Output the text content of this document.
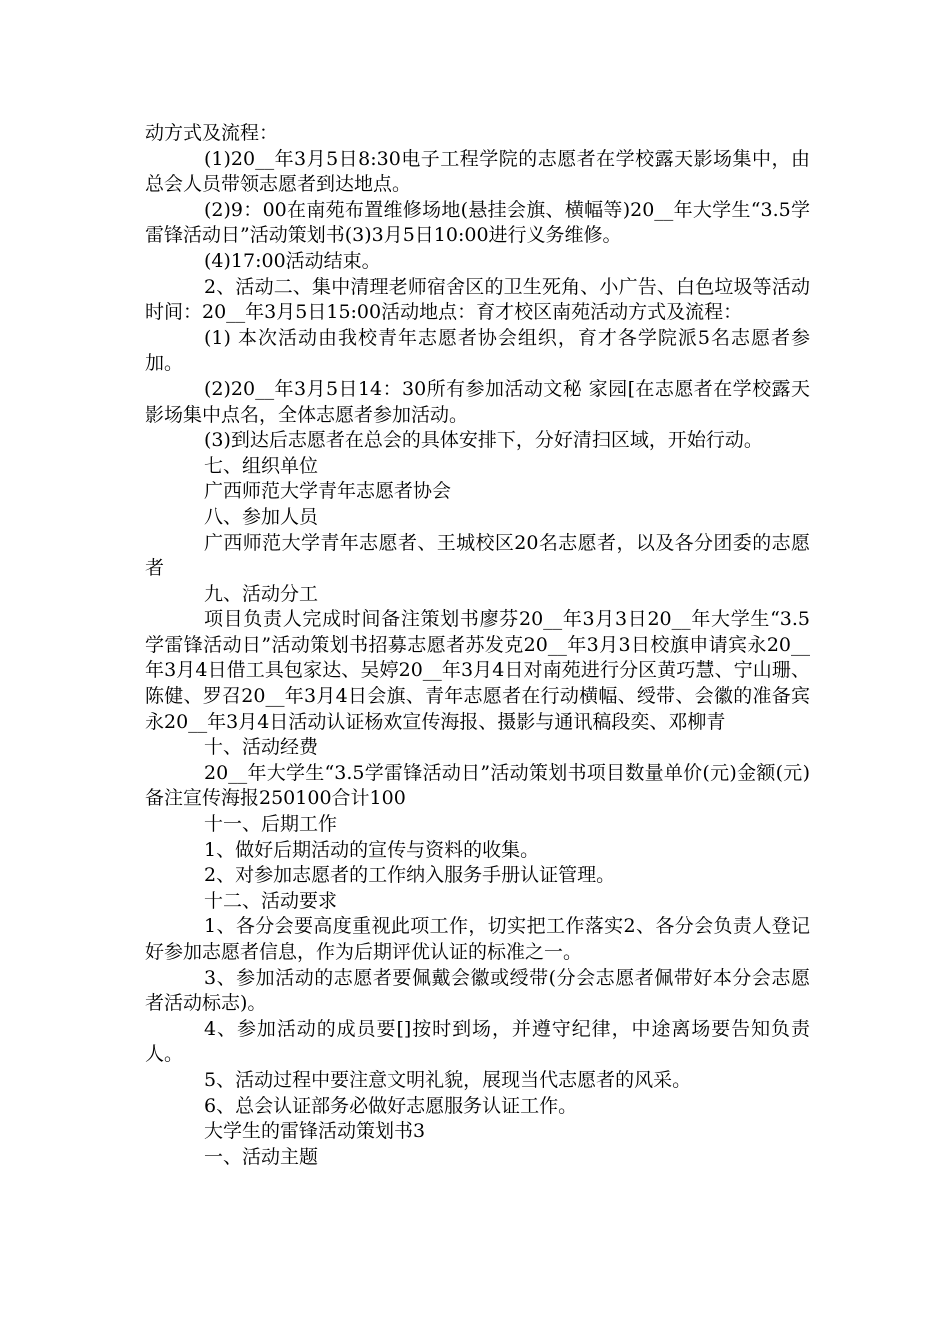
动方式及流程：

(1)20__年3月5日8:30电子工程学院的志愿者在学校露天影场集中，由总会人员带领志愿者到达地点。

(2)9：00在南苑布置维修场地(悬挂会旗、横幅等)20__年大学生“3.5学雷锋活动日”活动策划书(3)3月5日10:00进行义务维修。

(4)17:00活动结束。

2、活动二、集中清理老师宿舍区的卫生死角、小广告、白色垃圾等活动时间：20__年3月5日15:00活动地点：育才校区南苑活动方式及流程：

(1) 本次活动由我校青年志愿者协会组织，育才各学院派5名志愿者参加。

(2)20__年3月5日14：30所有参加活动文秘 家园[在志愿者在学校露天影场集中点名，全体志愿者参加活动。

(3)到达后志愿者在总会的具体安排下，分好清扫区域，开始行动。

七、组织单位

广西师范大学青年志愿者协会

八、参加人员

广西师范大学青年志愿者、王城校区20名志愿者，以及各分团委的志愿者

九、活动分工

项目负责人完成时间备注策划书廖芬20__年3月3日20__年大学生“3.5学雷锋活动日”活动策划书招募志愿者苏发克20__年3月3日校旗申请宾永20__年3月4日借工具包家达、吴婷20__年3月4日对南苑进行分区黄巧慧、宁山珊、陈健、罗召20__年3月4日会旗、青年志愿者在行动横幅、绶带、会徽的准备宾永20__年3月4日活动认证杨欢宣传海报、摄影与通讯稿段奕、邓柳青

十、活动经费

20__年大学生“3.5学雷锋活动日”活动策划书项目数量单价(元)金额(元)备注宣传海报250100合计100

十一、后期工作

1、做好后期活动的宣传与资料的收集。

2、对参加志愿者的工作纳入服务手册认证管理。

十二、活动要求

1、各分会要高度重视此项工作，切实把工作落实2、各分会负责人登记好参加志愿者信息，作为后期评优认证的标准之一。

3、参加活动的志愿者要佩戴会徽或绶带(分会志愿者佩带好本分会志愿者活动标志)。

4、参加活动的成员要[]按时到场，并遵守纪律，中途离场要告知负责人。

5、活动过程中要注意文明礼貌，展现当代志愿者的风采。

6、总会认证部务必做好志愿服务认证工作。

大学生的雷锋活动策划书3

一、活动主题
